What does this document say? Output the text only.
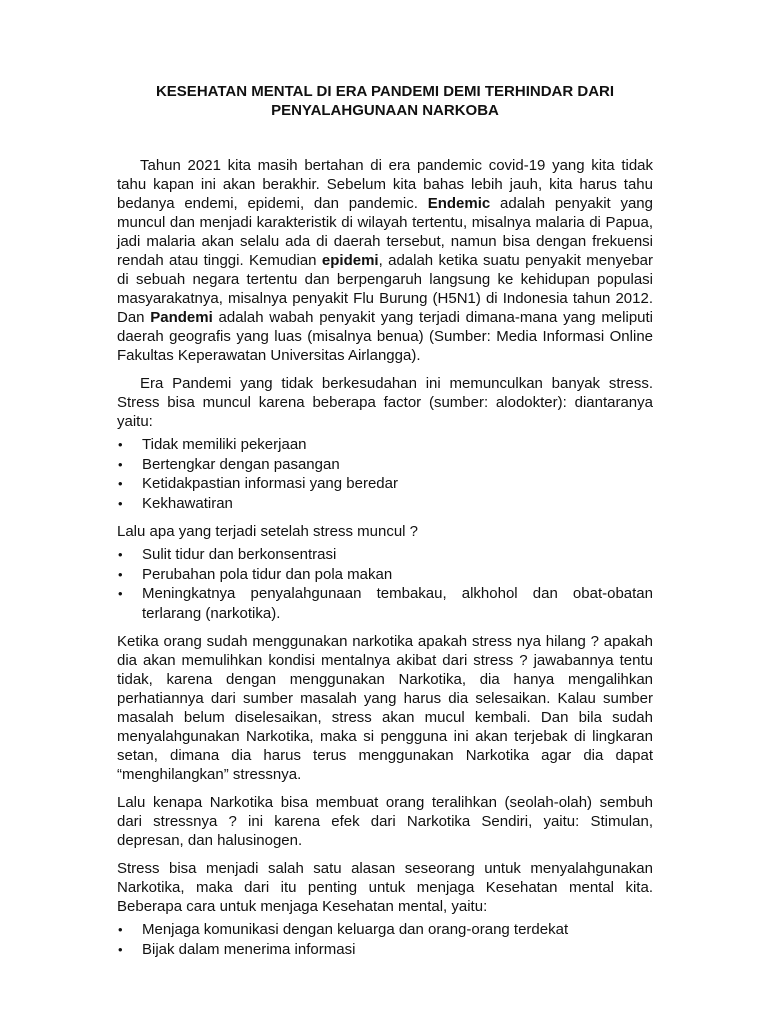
KESEHATAN MENTAL DI ERA PANDEMI DEMI TERHINDAR DARI PENYALAHGUNAAN NARKOBA

Tahun 2021 kita masih bertahan di era pandemic covid-19 yang kita tidak tahu kapan ini akan berakhir. Sebelum kita bahas lebih jauh, kita harus tahu bedanya endemi, epidemi, dan pandemic. Endemic adalah penyakit yang muncul dan menjadi karakteristik di wilayah tertentu, misalnya malaria di Papua, jadi malaria akan selalu ada di daerah tersebut, namun bisa dengan frekuensi rendah atau tinggi. Kemudian epidemi, adalah ketika suatu penyakit menyebar di sebuah negara tertentu dan berpengaruh langsung ke kehidupan populasi masyarakatnya, misalnya penyakit Flu Burung (H5N1) di Indonesia tahun 2012. Dan Pandemi adalah wabah penyakit yang terjadi dimana-mana yang meliputi daerah geografis yang luas (misalnya benua) (Sumber: Media Informasi Online Fakultas Keperawatan Universitas Airlangga).

Era Pandemi yang tidak berkesudahan ini memunculkan banyak stress. Stress bisa muncul karena beberapa factor (sumber: alodokter): diantaranya yaitu:

• Tidak memiliki pekerjaan
• Bertengkar dengan pasangan
• Ketidakpastian informasi yang beredar
• Kekhawatiran

Lalu apa yang terjadi setelah stress muncul ?

• Sulit tidur dan berkonsentrasi
• Perubahan pola tidur dan pola makan
• Meningkatnya penyalahgunaan tembakau, alkhohol dan obat-obatan terlarang (narkotika).

Ketika orang sudah menggunakan narkotika apakah stress nya hilang ? apakah dia akan memulihkan kondisi mentalnya akibat dari stress ? jawabannya tentu tidak, karena dengan menggunakan Narkotika, dia hanya mengalihkan perhatiannya dari sumber masalah yang harus dia selesaikan. Kalau sumber masalah belum diselesaikan, stress akan mucul kembali. Dan bila sudah menyalahgunakan Narkotika, maka si pengguna ini akan terjebak di lingkaran setan, dimana dia harus terus menggunakan Narkotika agar dia dapat “menghilangkan” stressnya.

Lalu kenapa Narkotika bisa membuat orang teralihkan (seolah-olah) sembuh dari stressnya ? ini karena efek dari Narkotika Sendiri, yaitu: Stimulan, depresan, dan halusinogen.

Stress bisa menjadi salah satu alasan seseorang untuk menyalahgunakan Narkotika, maka dari itu penting untuk menjaga Kesehatan mental kita. Beberapa cara untuk menjaga Kesehatan mental, yaitu:

• Menjaga komunikasi dengan keluarga dan orang-orang terdekat
• Bijak dalam menerima informasi
